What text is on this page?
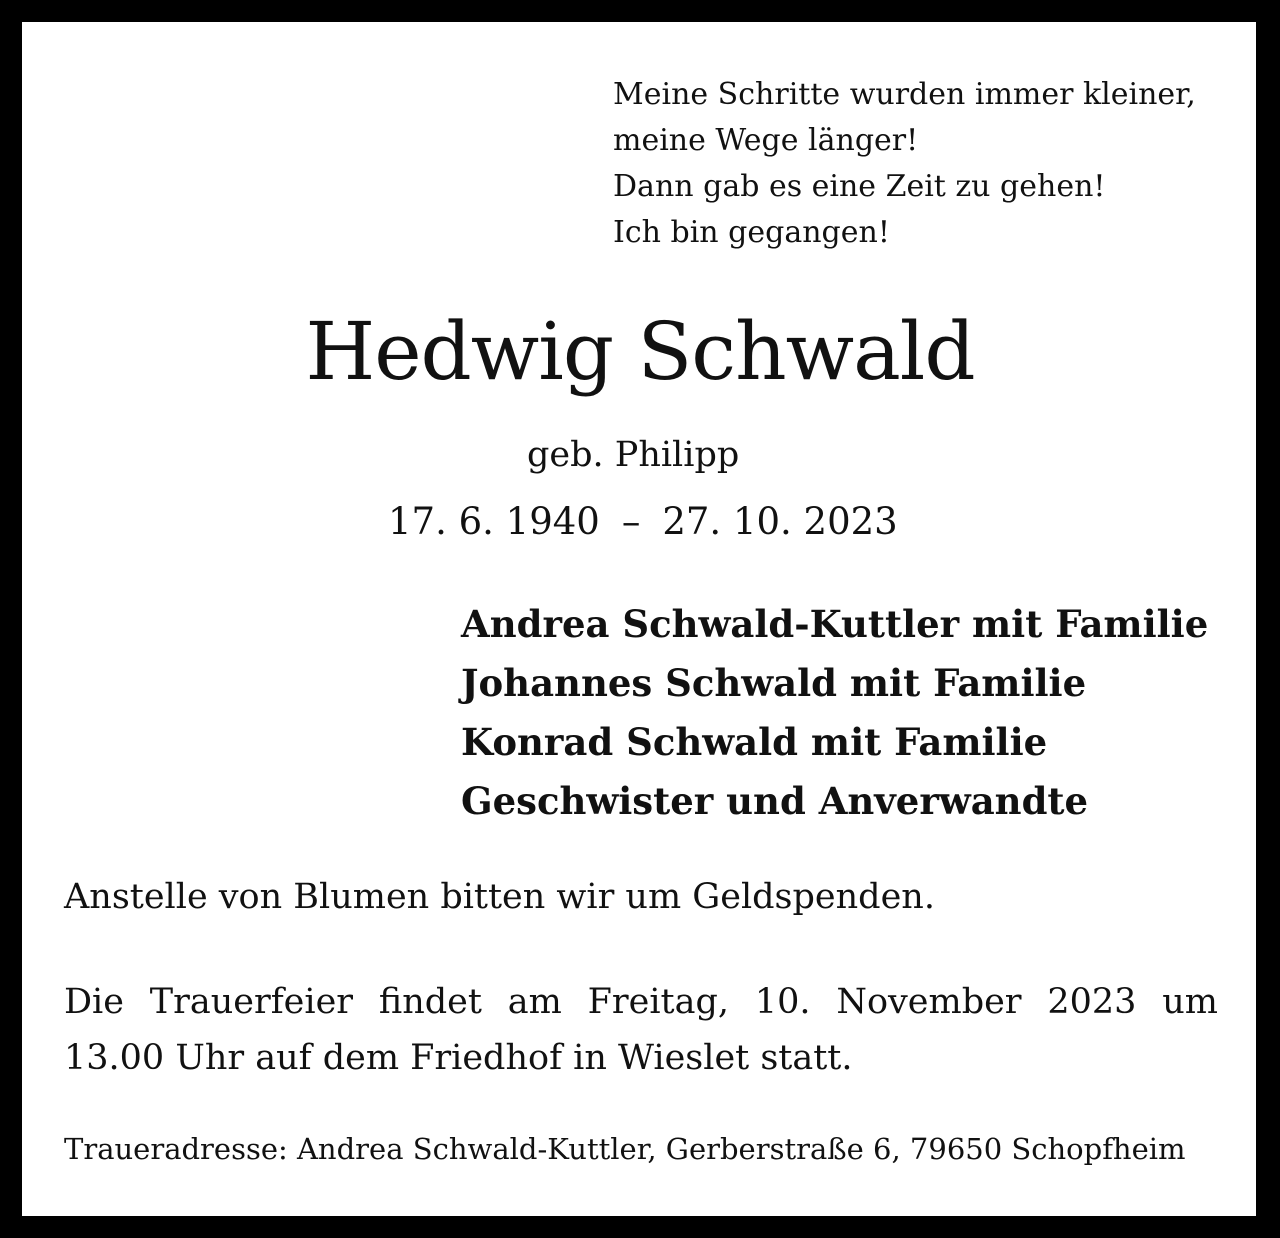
Meine Schritte wurden immer kleiner,
meine Wege länger!
Dann gab es eine Zeit zu gehen!
Ich bin gegangen!
Hedwig Schwald
geb. Philipp
17. 6. 1940 – 27. 10. 2023
Andrea Schwald-Kuttler mit Familie
Johannes Schwald mit Familie
Konrad Schwald mit Familie
Geschwister und Anverwandte
Anstelle von Blumen bitten wir um Geldspenden.
Die Trauerfeier findet am Freitag, 10. November 2023 um
13.00 Uhr auf dem Friedhof in Wieslet statt.
Traueradresse: Andrea Schwald-Kuttler, Gerberstraße 6, 79650 Schopfheim
